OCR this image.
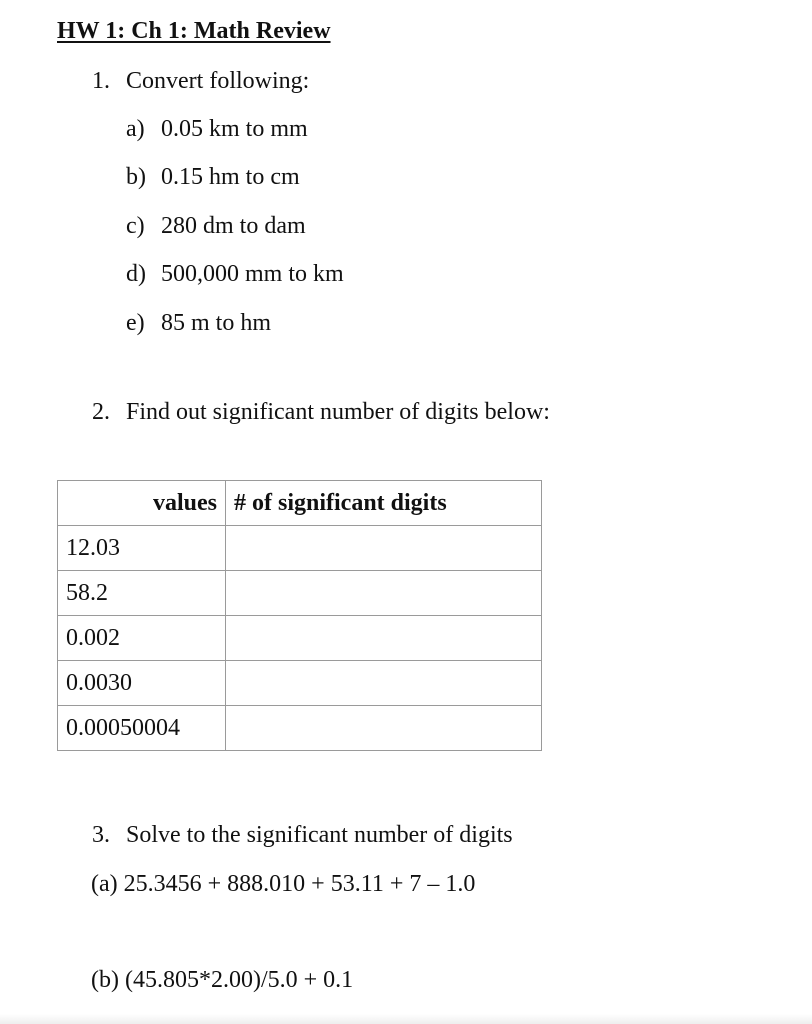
HW 1: Ch 1: Math Review
1. Convert following:
a) 0.05 km to mm
b) 0.15 hm to cm
c) 280 dm to dam
d) 500,000 mm to km
e) 85 m to hm
2. Find out significant number of digits below:
values	# of significant digits
12.03	
58.2	
0.002	
0.0030	
0.00050004	
3. Solve to the significant number of digits
(a) 25.3456 + 888.010 + 53.11 + 7 – 1.0
(b) (45.805*2.00)/5.0 + 0.1
